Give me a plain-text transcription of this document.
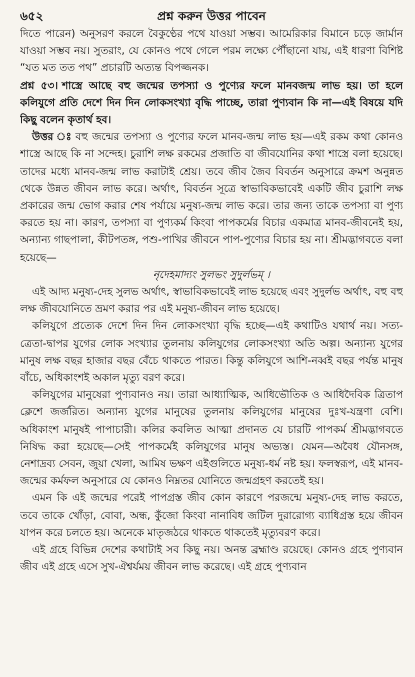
৬৫২	প্রশ্ন করুন উত্তর পাবেন

দিতে পারেন) অনুসরণ করলে বৈকুণ্ঠের পথে যাওয়া সম্ভব। আমেরিকার বিমানে চড়ে জার্মান যাওয়া সম্ভব নয়। সুতরাং, যে কোনও পথে গেলে পরম লক্ষ্যে পৌঁছানো যায়, এই ধারণা বিশিষ্ট “যত মত তত পথ” প্রচারটি অত্যন্ত বিপজ্জনক।

প্রশ্ন ৫৩। শাস্ত্রে আছে বহু জন্মের তপস্যা ও পুণ্যের ফলে মানবজন্ম লাভ হয়। তা হলে কলিযুগে প্রতি দেশে দিন দিন লোকসংখ্যা বৃদ্ধি পাচ্ছে, তারা পুণ্যবান কি না—এই বিষয়ে যদি কিছু বলেন কৃতার্থ হব।

উত্তর ঃ বহু জন্মের তপস্যা ও পুণ্যের ফলে মানব-জন্ম লাভ হয়—এই রকম কথা কোনও শাস্ত্রে আছে কি না সন্দেহ। চুরাশি লক্ষ রকমের প্রজাতি বা জীবযোনির কথা শাস্ত্রে বলা হয়েছে। তাদের মধ্যে মানব-জন্ম লাভ করাটাই শ্রেয়। তবে জীব জৈব বিবর্তন অনুসারে ক্রমশ অনুন্নত থেকে উন্নত জীবন লাভ করে। অর্থাৎ, বিবর্তন সূত্রে স্বাভাবিকভাবেই একটি জীব চুরাশি লক্ষ প্রকারের জন্ম ভোগ করার শেষ পর্যায়ে মনুষ্য-জন্ম লাভ করে। তার জন্য তাকে তপস্যা বা পুণ্য করতে হয় না। কারণ, তপস্যা বা পুণ্যকর্ম কিংবা পাপকর্মের বিচার একমাত্র মানব-জীবনেই হয়, অন্যান্য গাছপালা, কীটপতঙ্গ, পশু-পাখির জীবনে পাপ-পুণ্যের বিচার হয় না। শ্রীমদ্ভাগবতে বলা হয়েছে—

নৃদেহমাদ্যং সুলভং সুদুর্লভম্ ।

এই আদ্য মনুষ্য-দেহ সুলভ অর্থাৎ, স্বাভাবিকভাবেই লাভ হয়েছে এবং সুদুর্লভ অর্থাৎ, বহু বহু লক্ষ জীবযোনিতে ভ্রমণ করার পর এই মনুষ্য-জীবন লাভ হয়েছে।

কলিযুগে প্রত্যেক দেশে দিন দিন লোকসংখ্যা বৃদ্ধি হচ্ছে—এই কথাটিও যথার্থ নয়। সত্য-ত্রেতা-দ্বাপর যুগের লোক সংখ্যার তুলনায় কলিযুগের লোকসংখ্যা অতি অল্প। অন্যান্য যুগের মানুষ লক্ষ বছর হাজার বছর বেঁচে থাকতে পারত। কিন্তু কলিযুগে আশি-নব্বই বছর পর্যন্ত মানুষ বাঁচে, অধিকাংশই অকাল মৃত্যু বরণ করে।

কলিযুগের মানুষেরা পুণ্যবানও নয়। তারা আধ্যাত্মিক, আধিভৌতিক ও আধিদৈবিক ত্রিতাপ ক্লেশে জর্জরিত। অন্যান্য যুগের মানুষের তুলনায় কলিযুগের মানুষের দুঃখ-যন্ত্রণা বেশি। অধিকাংশ মানুষই পাপাচারী। কলির কবলিত আত্মা প্রদানত যে চারটি পাপকর্ম শ্রীমদ্ভাগবতে নিষিদ্ধ করা হয়েছে—সেই পাপকর্মেই কলিযুগের মানুষ অভ্যস্ত। যেমন—অবৈধ যৌনসঙ্গ, নেশাদ্রব্য সেবন, জুয়া খেলা, আমিষ ভক্ষণ এইগুলিতে মনুষ্য-ধর্ম নষ্ট হয়। ফলস্বরূপ, এই মানব-জন্মের কর্মফল অনুসারে যে কোনও নিম্নতর যোনিতে জন্মগ্রহণ করতেই হয়।

এমন কি এই জন্মের পরেই পাপগ্রস্ত জীব কোন কারণে পরজন্মে মনুষ্য-দেহ লাভ করতে, তবে তাকে খোঁড়া, বোবা, অন্ধ, কুঁজো কিংবা নানাবিধ জটিল দুরারোগ্য ব্যাধিগ্রস্ত হয়ে জীবন যাপন করে চলতে হয়। অনেকে মাতৃজঠরে থাকতে থাকতেই মৃত্যুবরণ করে।

এই গ্রহে বিভিন্ন দেশের কথাটাই সব কিছু নয়। অনন্ত ব্রহ্মাণ্ড রয়েছে। কোনও গ্রহে পুণ্যবান জীব এই গ্রহে এসে সুখ-ঐশ্বর্যময় জীবন লাভ করেছে। এই গ্রহে পুণ্যবান
